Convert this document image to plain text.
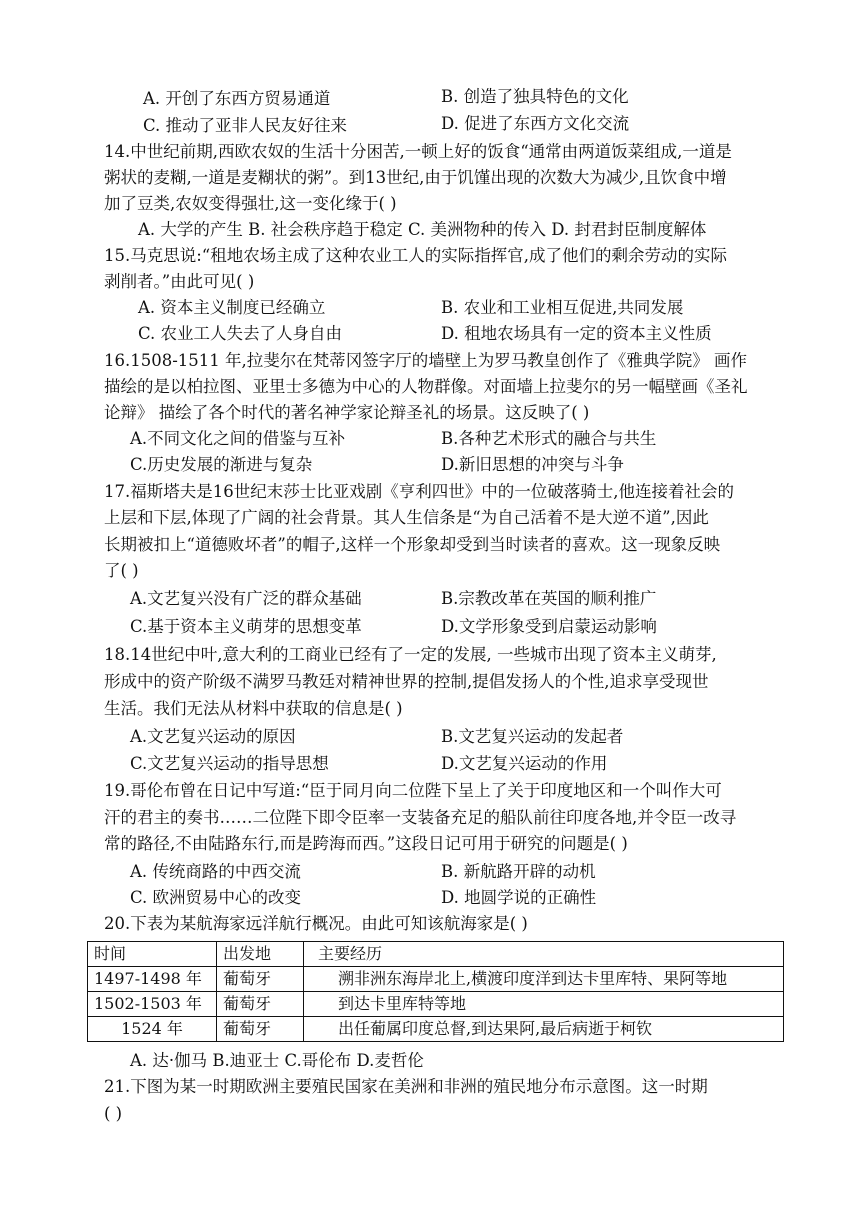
A. 开创了东西方贸易通道	B. 创造了独具特色的文化
C. 推动了亚非人民友好往来	D. 促进了东西方文化交流
14.中世纪前期,西欧农奴的生活十分困苦,一顿上好的饭食“通常由两道饭菜组成,一道是
粥状的麦糊,一道是麦糊状的粥”。到13世纪,由于饥馑出现的次数大为减少,且饮食中增
加了豆类,农奴变得强壮,这一变化缘于( )
A. 大学的产生 B. 社会秩序趋于稳定 C. 美洲物种的传入 D. 封君封臣制度解体
15.马克思说:“租地农场主成了这种农业工人的实际指挥官,成了他们的剩余劳动的实际
剥削者。”由此可见( )
A. 资本主义制度已经确立	B. 农业和工业相互促进,共同发展
C. 农业工人失去了人身自由	D. 租地农场具有一定的资本主义性质
16.1508-1511 年,拉斐尔在梵蒂冈签字厅的墙壁上为罗马教皇创作了《雅典学院》 画作
描绘的是以柏拉图、亚里士多德为中心的人物群像。对面墙上拉斐尔的另一幅壁画《圣礼
论辩》 描绘了各个时代的著名神学家论辩圣礼的场景。这反映了( )
A.不同文化之间的借鉴与互补	B.各种艺术形式的融合与共生
C.历史发展的渐进与复杂	D.新旧思想的冲突与斗争
17.福斯塔夫是16世纪末莎士比亚戏剧《亨利四世》中的一位破落骑士,他连接着社会的
上层和下层,体现了广阔的社会背景。其人生信条是“为自己活着不是大逆不道”,因此
长期被扣上“道德败坏者”的帽子,这样一个形象却受到当时读者的喜欢。这一现象反映
了( )
A.文艺复兴没有广泛的群众基础	B.宗教改革在英国的顺利推广
C.基于资本主义萌芽的思想变革	D.文学形象受到启蒙运动影响
18.14世纪中叶,意大利的工商业已经有了一定的发展, 一些城市出现了资本主义萌芽,
形成中的资产阶级不满罗马教廷对精神世界的控制,提倡发扬人的个性,追求享受现世
生活。我们无法从材料中获取的信息是( )
A.文艺复兴运动的原因	B.文艺复兴运动的发起者
C.文艺复兴运动的指导思想	D.文艺复兴运动的作用
19.哥伦布曾在日记中写道:“臣于同月向二位陛下呈上了关于印度地区和一个叫作大可
汗的君主的奏书……二位陛下即令臣率一支装备充足的船队前往印度各地,并令臣一改寻
常的路径,不由陆路东行,而是跨海而西。”这段日记可用于研究的问题是( )
A. 传统商路的中西交流	B. 新航路开辟的动机
C. 欧洲贸易中心的改变	D. 地圆学说的正确性
20.下表为某航海家远洋航行概况。由此可知该航海家是( )
时间	出发地	主要经历
1497-1498 年	葡萄牙	溯非洲东海岸北上,横渡印度洋到达卡里库特、果阿等地
1502-1503 年	葡萄牙	到达卡里库特等地
1524 年	葡萄牙	出任葡属印度总督,到达果阿,最后病逝于柯钦
A. 达·伽马 B.迪亚士 C.哥伦布 D.麦哲伦
21.下图为某一时期欧洲主要殖民国家在美洲和非洲的殖民地分布示意图。这一时期
( )
